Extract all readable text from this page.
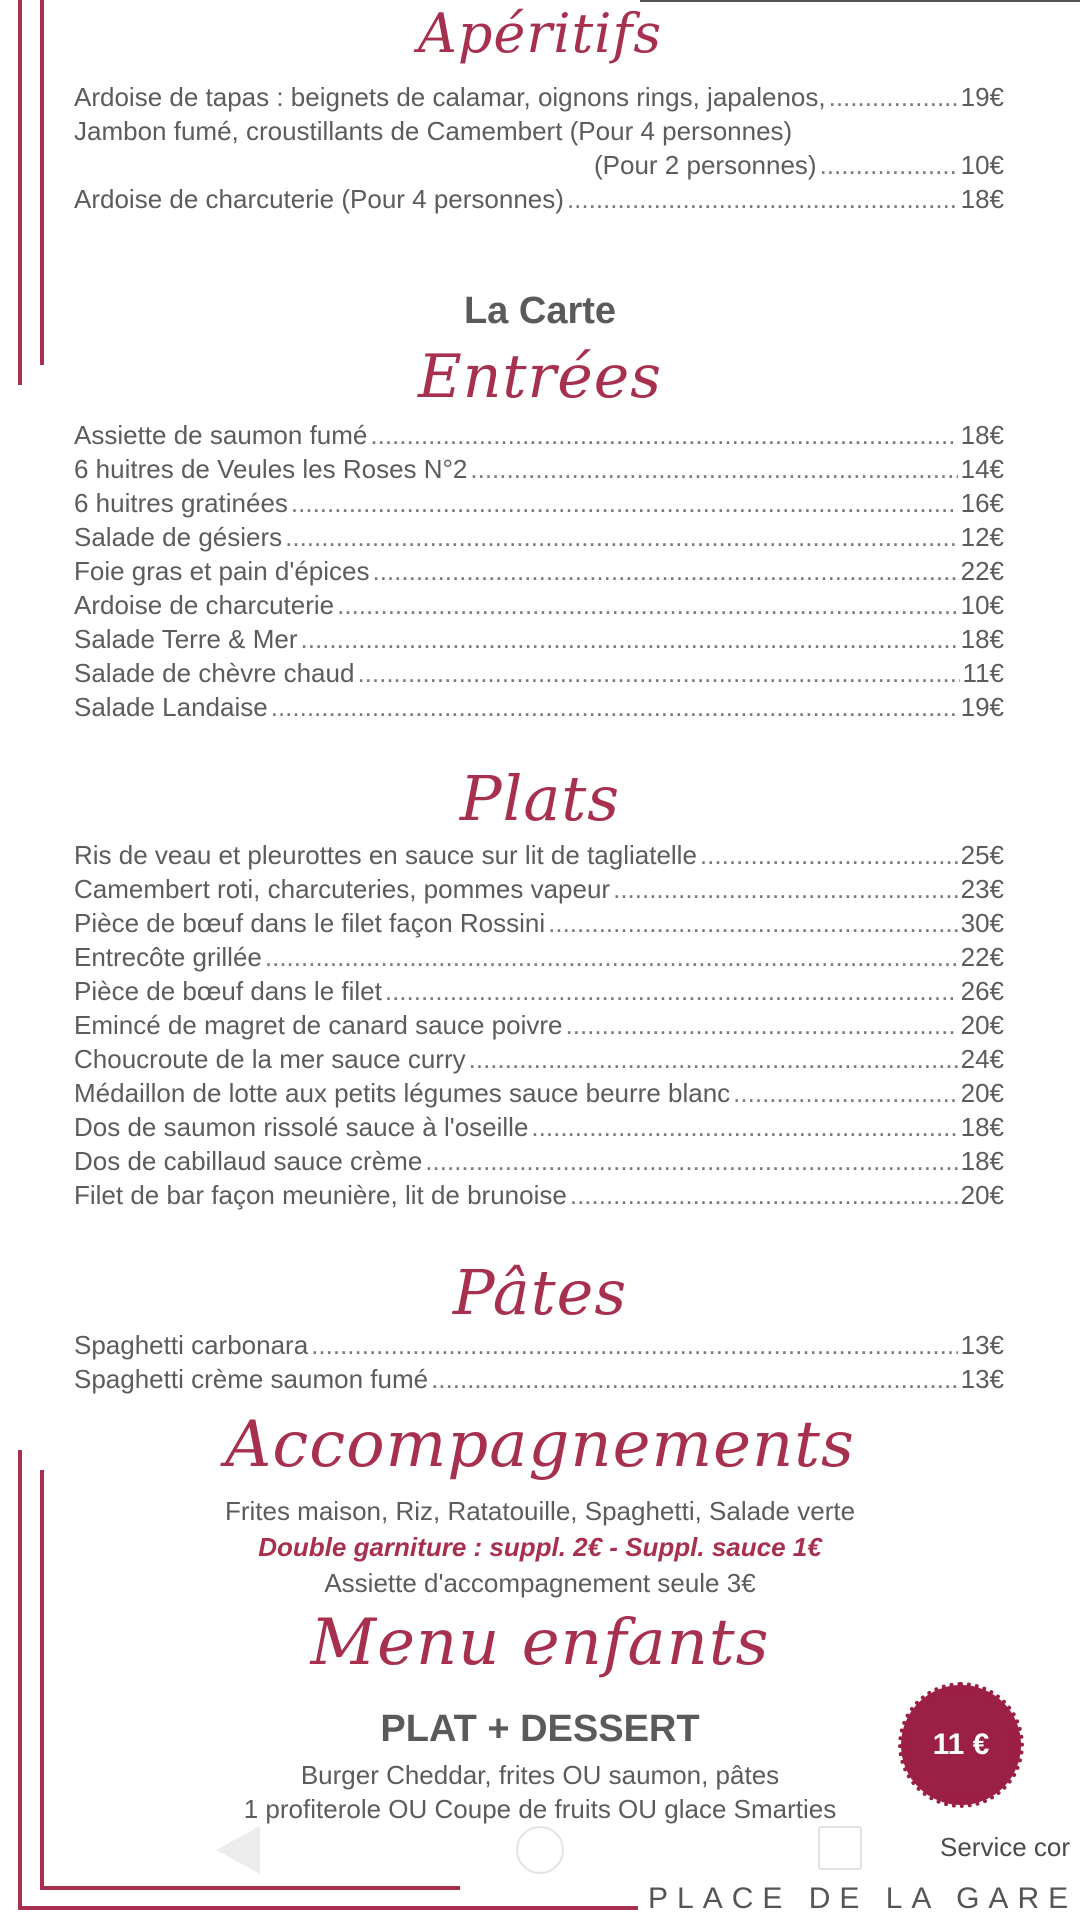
Apéritifs
Ardoise de tapas : beignets de calamar, oignons rings, japalenos, .....	19€
Jambon fumé, croustillants de Camembert (Pour 4 personnes)
(Pour 2 personnes) .....	10€
Ardoise de charcuterie (Pour 4 personnes) .....	18€
La Carte
Entrées
Assiette de saumon fumé .....	18€
6 huitres de Veules les Roses N°2 .....	14€
6 huitres gratinées .....	16€
Salade de gésiers .....	12€
Foie gras et pain d'épices .....	22€
Ardoise de charcuterie .....	10€
Salade Terre & Mer .....	18€
Salade de chèvre chaud .....	11€
Salade Landaise .....	19€
Plats
Ris de veau et pleurottes en sauce sur lit de tagliatelle .....	25€
Camembert roti, charcuteries, pommes vapeur .....	23€
Pièce de bœuf dans le filet façon Rossini .....	30€
Entrecôte grillée .....	22€
Pièce de bœuf dans le filet .....	26€
Emincé de magret de canard sauce poivre .....	20€
Choucroute de la mer sauce curry .....	24€
Médaillon de lotte aux petits légumes sauce beurre blanc .....	20€
Dos de saumon rissolé sauce à l'oseille .....	18€
Dos de cabillaud sauce crème .....	18€
Filet de bar façon meunière, lit de brunoise .....	20€
Pâtes
Spaghetti carbonara .....	13€
Spaghetti crème saumon fumé .....	13€
Accompagnements
Frites maison, Riz, Ratatouille, Spaghetti, Salade verte
Double garniture : suppl. 2€ - Suppl. sauce 1€
Assiette d'accompagnement seule 3€
Menu enfants
PLAT + DESSERT
Burger Cheddar, frites OU saumon, pâtes
1 profiterole OU Coupe de fruits OU glace Smarties
11 €
Service cor
PLACE DE LA GARE
